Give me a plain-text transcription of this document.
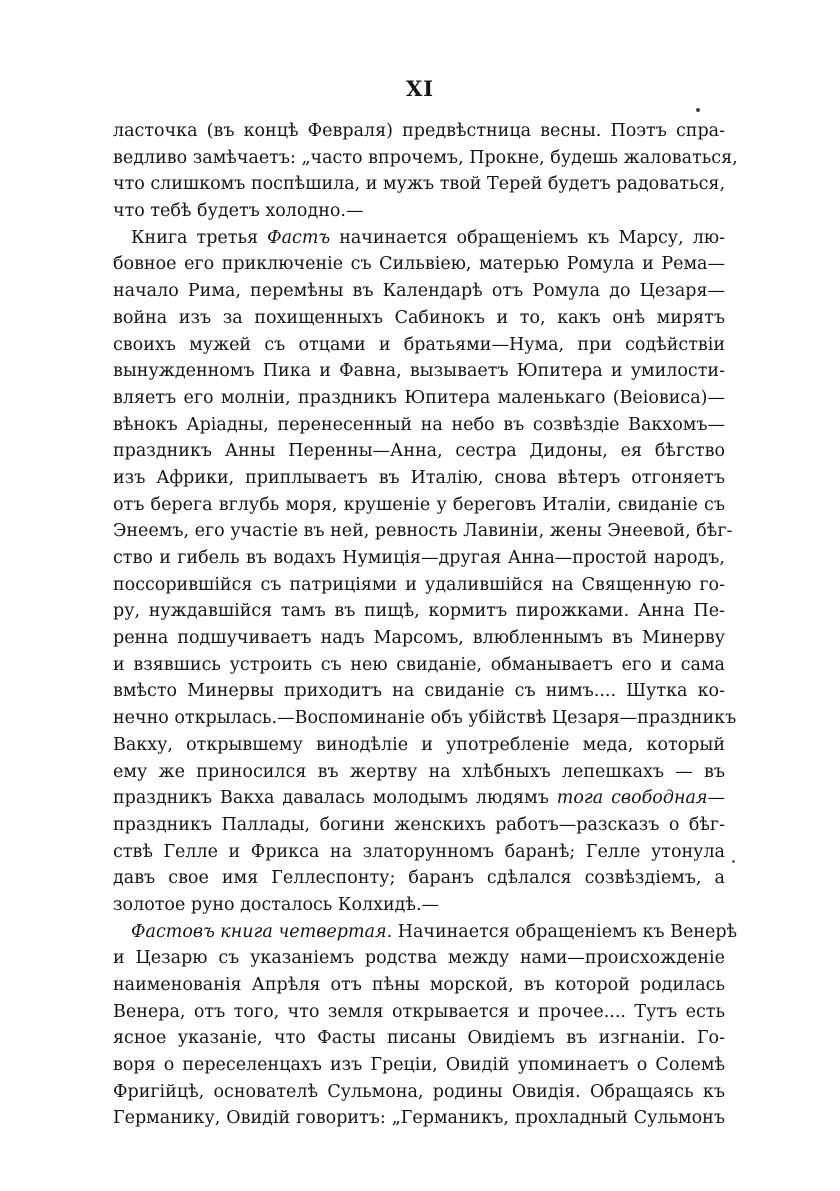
XI
ласточка (въ концѣ Февраля) предвѣстница весны. Поэтъ спра-
ведливо замѣчаетъ: „часто впрочемъ, Прокне, будешь жаловаться,
что слишкомъ поспѣшила, и мужъ твой Терей будетъ радоваться,
что тебѣ будетъ холодно.—
Книга третья Фастъ начинается обращеніемъ къ Марсу, лю-
бовное его приключеніе съ Сильвіею, матерью Ромула и Рема—
начало Рима, перемѣны въ Календарѣ отъ Ромула до Цезаря—
война изъ за похищенныхъ Сабинокъ и то, какъ онѣ мирятъ
своихъ мужей съ отцами и братьями—Нума, при содѣйствіи
вынужденномъ Пика и Фавна, вызываетъ Юпитера и умилости-
вляетъ его молніи, праздникъ Юпитера маленькаго (Веіовиса)—
вѣнокъ Аріадны, перенесенный на небо въ созвѣздіе Вакхомъ—
праздникъ Анны Перенны—Анна, сестра Дидоны, ея бѣгство
изъ Африки, приплываетъ въ Италію, снова вѣтеръ отгоняетъ
отъ берега вглубь моря, крушеніе у береговъ Италіи, свиданіе съ
Энеемъ, его участіе въ ней, ревность Лавиніи, жены Энеевой, бѣг-
ство и гибель въ водахъ Нумиція—другая Анна—простой народъ,
поссорившійся съ патриціями и удалившійся на Священную го-
ру, нуждавшійся тамъ въ пищѣ, кормитъ пирожками. Анна Пе-
ренна подшучиваетъ надъ Марсомъ, влюбленнымъ въ Минерву
и взявшись устроить съ нею свиданіе, обманываетъ его и сама
вмѣсто Минервы приходитъ на свиданіе съ нимъ.... Шутка ко-
нечно открылась.—Воспоминаніе объ убійствѣ Цезаря—праздникъ
Вакху, открывшему винодѣліе и употребленіе меда, который
ему же приносился въ жертву на хлѣбныхъ лепешкахъ — въ
праздникъ Вакха давалась молодымъ людямъ тога свободная—
праздникъ Паллады, богини женскихъ работъ—разсказъ о бѣг-
ствѣ Гелле и Фрикса на златорунномъ баранѣ; Гелле утонула
давъ свое имя Геллеспонту; баранъ сдѣлался созвѣздіемъ, а
золотое руно досталось Колхидѣ.—
Фастовъ книга четвертая. Начинается обращеніемъ къ Венерѣ
и Цезарю съ указаніемъ родства между нами—происхожденіе
наименованія Апрѣля отъ пѣны морской, въ которой родилась
Венера, отъ того, что земля открывается и прочее.... Тутъ есть
ясное указаніе, что Фасты писаны Овидіемъ въ изгнаніи. Го-
воря о переселенцахъ изъ Греціи, Овидій упоминаетъ о Солемѣ
Фригійцѣ, основателѣ Сульмона, родины Овидія. Обращаясь къ
Германику, Овидій говоритъ: „Германикъ, прохладный Сульмонъ
